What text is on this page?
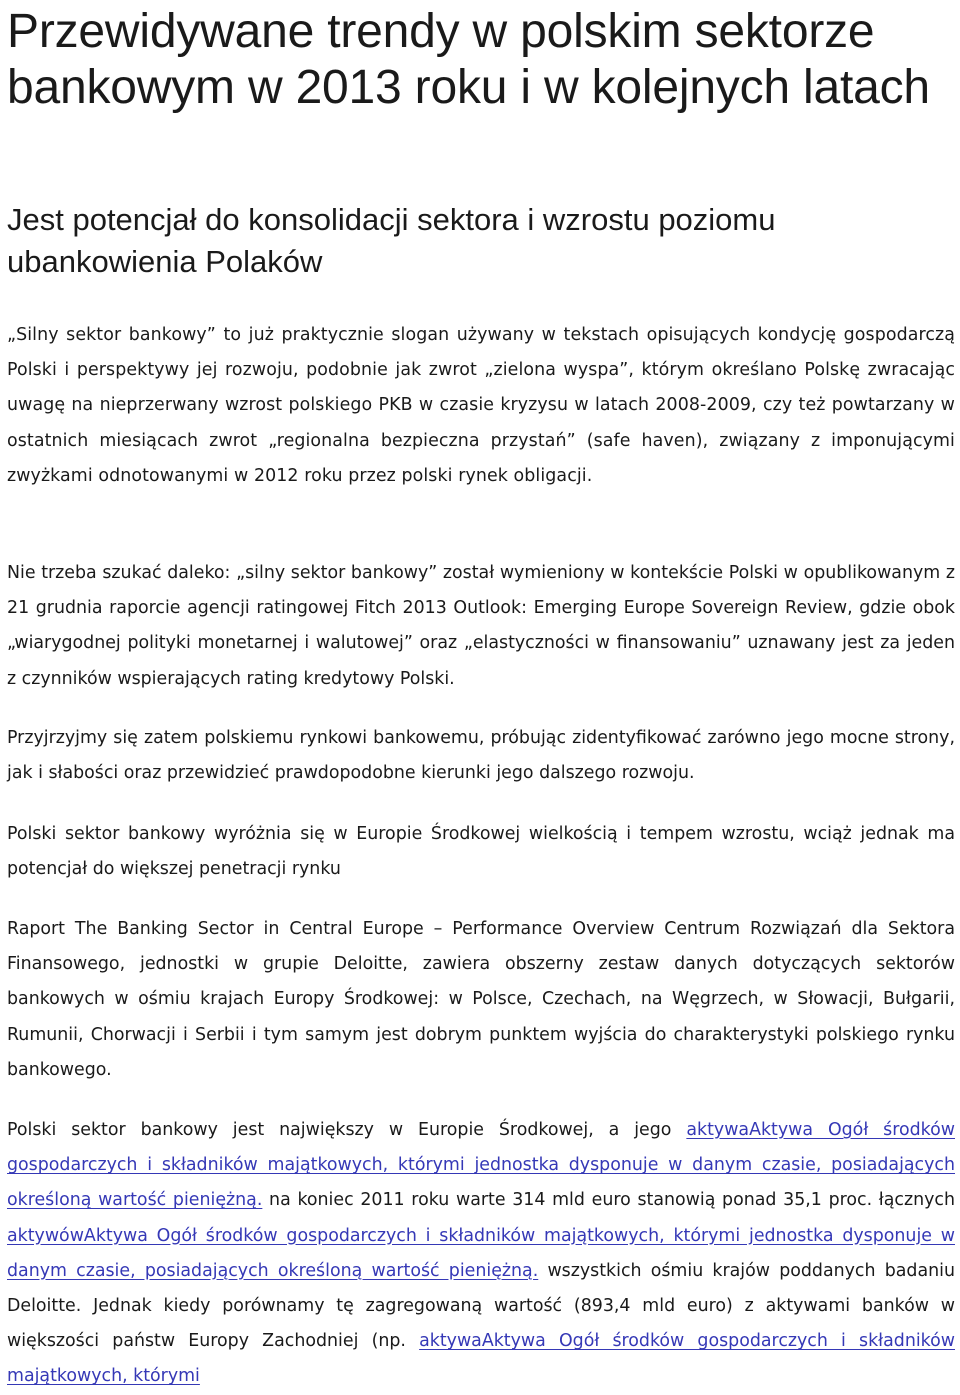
Przewidywane trendy w polskim sektorze bankowym w 2013 roku i w kolejnych latach
Jest potencjał do konsolidacji sektora i wzrostu poziomu ubankowienia Polaków

„Silny sektor bankowy” to już praktycznie slogan używany w tekstach opisujących kondycję gospodarczą Polski i perspektywy jej rozwoju, podobnie jak zwrot „zielona wyspa”, którym określano Polskę zwracając uwagę na nieprzerwany wzrost polskiego PKB w czasie kryzysu w latach 2008-2009, czy też powtarzany w ostatnich miesiącach zwrot „regionalna bezpieczna przystań” (safe haven), związany z imponującymi zwyżkami odnotowanymi w 2012 roku przez polski rynek obligacji.

Nie trzeba szukać daleko: „silny sektor bankowy” został wymieniony w kontekście Polski w opublikowanym z 21 grudnia raporcie agencji ratingowej Fitch 2013 Outlook: Emerging Europe Sovereign Review, gdzie obok „wiarygodnej polityki monetarnej i walutowej” oraz „elastyczności w finansowaniu” uznawany jest za jeden z czynników wspierających rating kredytowy Polski.

Przyjrzyjmy się zatem polskiemu rynkowi bankowemu, próbując zidentyfikować zarówno jego mocne strony, jak i słabości oraz przewidzieć prawdopodobne kierunki jego dalszego rozwoju.

Polski sektor bankowy wyróżnia się w Europie Środkowej wielkością i tempem wzrostu, wciąż jednak ma potencjał do większej penetracji rynku

Raport The Banking Sector in Central Europe – Performance Overview Centrum Rozwiązań dla Sektora Finansowego, jednostki w grupie Deloitte, zawiera obszerny zestaw danych dotyczących sektorów bankowych w ośmiu krajach Europy Środkowej: w Polsce, Czechach, na Węgrzech, w Słowacji, Bułgarii, Rumunii, Chorwacji i Serbii i tym samym jest dobrym punktem wyjścia do charakterystyki polskiego rynku bankowego.

Polski sektor bankowy jest największy w Europie Środkowej, a jego aktywaAktywa Ogół środków gospodarczych i składników majątkowych, którymi jednostka dysponuje w danym czasie, posiadających określoną wartość pieniężną. na koniec 2011 roku warte 314 mld euro stanowią ponad 35,1 proc. łącznych aktywówAktywa Ogół środków gospodarczych i składników majątkowych, którymi jednostka dysponuje w danym czasie, posiadających określoną wartość pieniężną. wszystkich ośmiu krajów poddanych badaniu Deloitte. Jednak kiedy porównamy tę zagregowaną wartość (893,4 mld euro) z aktywami banków w większości państw Europy Zachodniej (np. aktywaAktywa Ogół środków gospodarczych i składników majątkowych, którymi
